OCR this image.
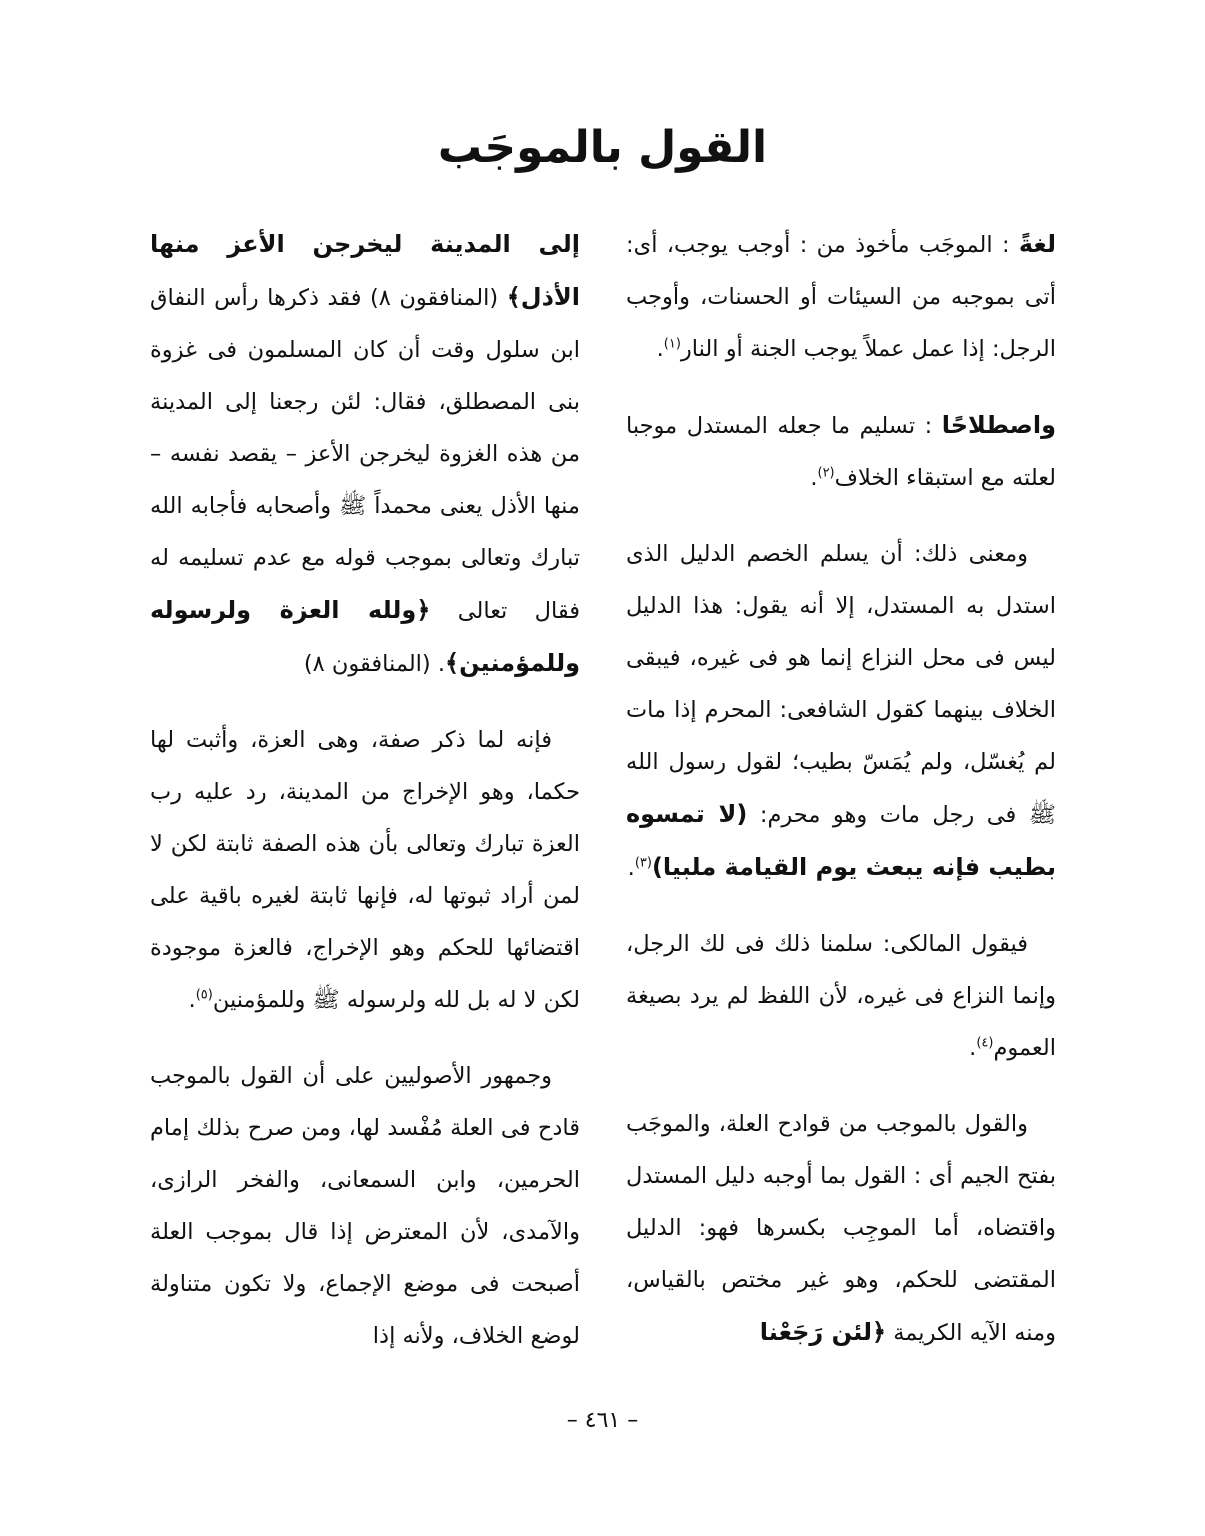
القول بالموجَب

لغةً : الموجَب مأخوذ من : أوجب يوجب، أى: أتى بموجبه من السيئات أو الحسنات، وأوجب الرجل: إذا عمل عملاً يوجب الجنة أو النار$^{(١)}$.

واصطلاحًا : تسليم ما جعله المستدل موجبا لعلته مع استبقاء الخلاف$^{(٢)}$.

ومعنى ذلك: أن يسلم الخصم الدليل الذى استدل به المستدل، إلا أنه يقول: هذا الدليل ليس فى محل النزاع إنما هو فى غيره، فيبقى الخلاف بينهما كقول الشافعى: المحرم إذا مات لم يُغسّل، ولم يُمَسّ بطيب؛ لقول رسول الله ﷺ فى رجل مات وهو محرم: (لا تمسوه بطيب فإنه يبعث يوم القيامة ملبيا)$^{(٣)}$.

فيقول المالكى: سلمنا ذلك فى لك الرجل، وإنما النزاع فى غيره، لأن اللفظ لم يرد بصيغة العموم$^{(٤)}$.

والقول بالموجب من قوادح العلة، والموجَب بفتح الجيم أى : القول بما أوجبه دليل المستدل واقتضاه، أما الموجِب بكسرها فهو: الدليل المقتضى للحكم، وهو غير مختص بالقياس، ومنه الآيه الكريمة ﴿لئن رَجَعْنا

إلى المدينة ليخرجن الأعز منها الأذل﴾ (المنافقون ٨) فقد ذكرها رأس النفاق ابن سلول وقت أن كان المسلمون فى غزوة بنى المصطلق، فقال: لئن رجعنا إلى المدينة من هذه الغزوة ليخرجن الأعز – يقصد نفسه – منها الأذل يعنى محمداً ﷺ وأصحابه فأجابه الله تبارك وتعالى بموجب قوله مع عدم تسليمه له فقال تعالى ﴿ولله العزة ولرسوله وللمؤمنين﴾. (المنافقون ٨)

فإنه لما ذكر صفة، وهى العزة، وأثبت لها حكما، وهو الإخراج من المدينة، رد عليه رب العزة تبارك وتعالى بأن هذه الصفة ثابتة لكن لا لمن أراد ثبوتها له، فإنها ثابتة لغيره باقية على اقتضائها للحكم وهو الإخراج، فالعزة موجودة لكن لا له بل لله ولرسوله ﷺ وللمؤمنين$^{(٥)}$.

وجمهور الأصوليين على أن القول بالموجب قادح فى العلة مُفْسد لها، ومن صرح بذلك إمام الحرمين، وابن السمعانى، والفخر الرازى، والآمدى، لأن المعترض إذا قال بموجب العلة أصبحت فى موضع الإجماع، ولا تكون متناولة لوضع الخلاف، ولأنه إذا

– ٤٦١ –
